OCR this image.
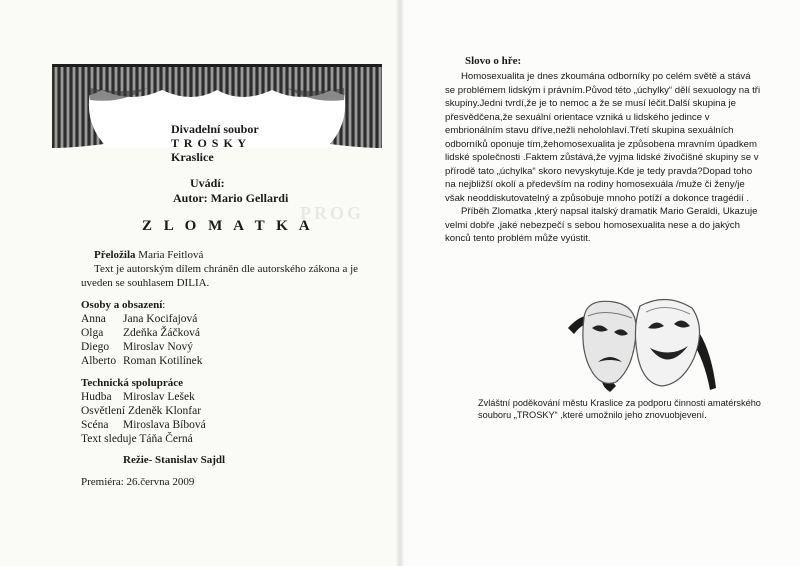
Divadelní soubor
T R O S K Y
Kraslice
Uvádí:
Autor: Mario Gellardi
PROG
Z L O M A T K A
Přeložila Maria Feitlová
Text je autorským dílem chráněn dle autorského zákona a je
uveden se souhlasem DILIA.
Osoby a obsazení:
Anna Jana Kocifajová
Olga Zdeňka Žáčková
Diego Miroslav Nový
Alberto Roman Kotilínek
Technická spolupráce
Hudba Miroslav Lešek
Osvětlení Zdeněk Klonfar
Scéna Miroslava Bíbová
Text sleduje Táňa Černá
Režie- Stanislav Sajdl
Premiéra: 26.června 2009
Slovo o hře:

Homosexualita je dnes zkoumána odborníky po celém světě a stává se problémem lidským i právním.Původ této „úchylky“ dělí sexuology na tři skupiny.Jedni tvrdí,že je to nemoc a že se musí léčit.Další skupina je přesvědčena,že sexuální orientace vzniká u lidského jedince v embrionálním stavu dříve,nežli neholohlaví.Třetí skupina sexuálních odborníků oponuje tím,žehomosexualita je způsobena mravním úpadkem lidské společnosti .Faktem zůstává,že vyjma lidské živočišné skupiny se v přírodě tato „úchylka“ skoro nevyskytuje.Kde je tedy pravda?Dopad toho na nejbližší okolí a především na rodiny homosexuála /muže či ženy/je však neoddiskutovatelný a způsobuje mnoho potíží a dokonce tragédií .

Příběh Zlomatka ,který napsal italský dramatik Mario Geraldi, Ukazuje velmi dobře ,jaké nebezpečí s sebou homosexualita nese a do jakých konců tento problém může vyústit.

Zvláštní poděkování městu Kraslice za podporu činnosti amatérského
souboru „TROSKY“ ,které umožnilo jeho znovuobjevení.
